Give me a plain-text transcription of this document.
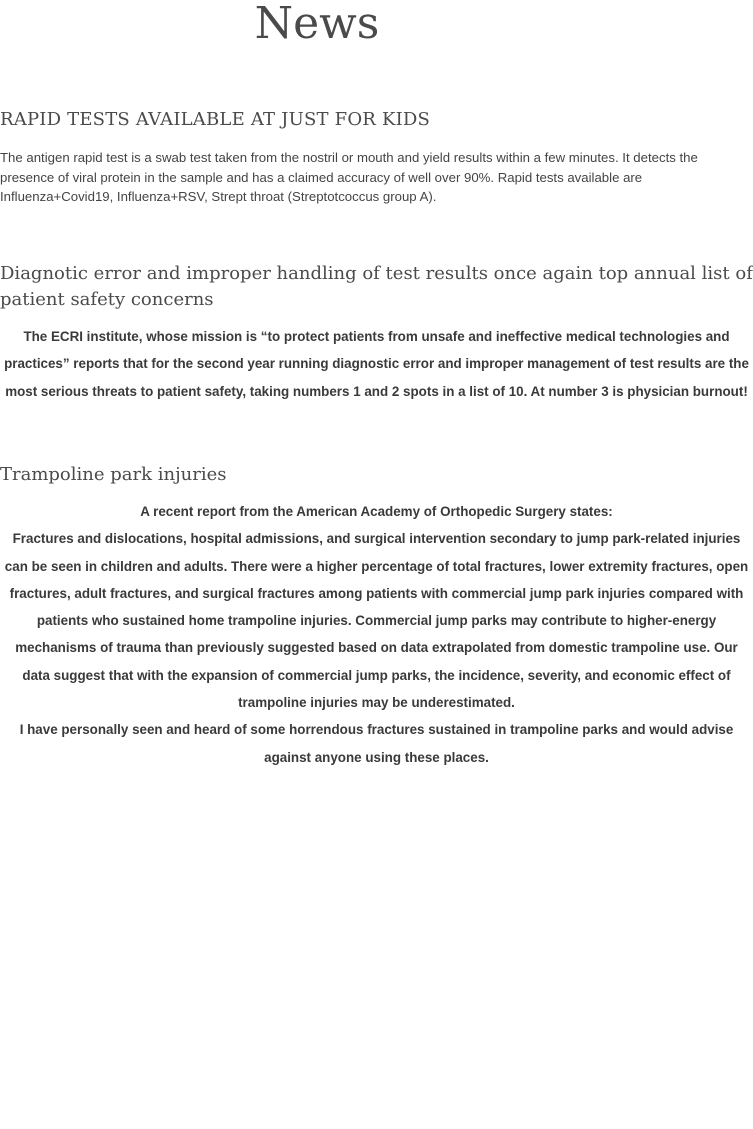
News
RAPID TESTS AVAILABLE AT JUST FOR KIDS

The antigen rapid test is a swab test taken from the nostril or mouth and yield results within a few minutes. It detects the presence of viral protein in the sample and has a claimed accuracy of well over 90%. Rapid tests available are Influenza+Covid19, Influenza+RSV, Strept throat (Streptotcoccus group A).

Diagnotic error and improper handling of test results once again top annual list of patient safety concerns

The ECRI institute, whose mission is “to protect patients from unsafe and ineffective medical technologies and practices” reports that for the second year running diagnostic error and improper management of test results are the most serious threats to patient safety, taking numbers 1 and 2 spots in a list of 10. At number 3 is physician burnout!

Trampoline park injuries

A recent report from the American Academy of Orthopedic Surgery states:

Fractures and dislocations, hospital admissions, and surgical intervention secondary to jump park-related injuries can be seen in children and adults. There were a higher percentage of total fractures, lower extremity fractures, open fractures, adult fractures, and surgical fractures among patients with commercial jump park injuries compared with patients who sustained home trampoline injuries. Commercial jump parks may contribute to higher-energy mechanisms of trauma than previously suggested based on data extrapolated from domestic trampoline use. Our data suggest that with the expansion of commercial jump parks, the incidence, severity, and economic effect of trampoline injuries may be underestimated.

I have personally seen and heard of some horrendous fractures sustained in trampoline parks and would advise against anyone using these places.
